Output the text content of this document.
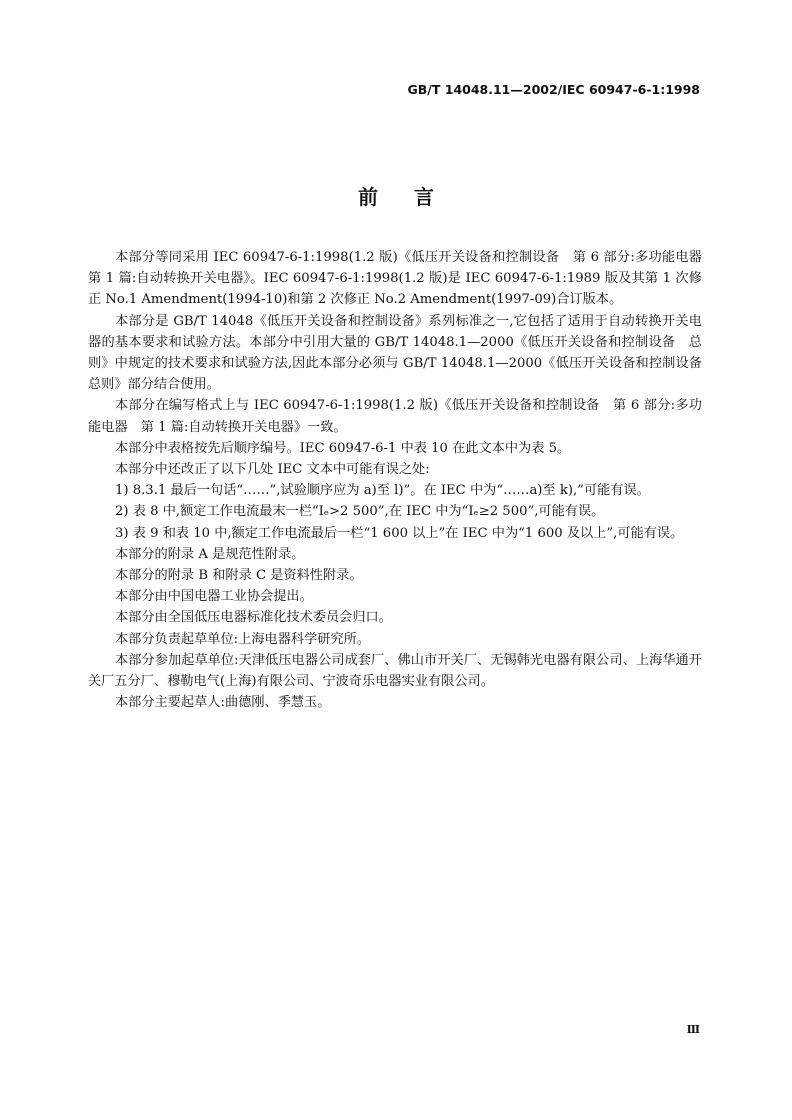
GB/T 14048.11—2002/IEC 60947-6-1:1998
前言

本部分等同采用 IEC 60947-6-1:1998(1.2 版)《低压开关设备和控制设备　第 6 部分:多功能电器　第 1 篇:自动转换开关电器》。IEC 60947-6-1:1998(1.2 版)是 IEC 60947-6-1:1989 版及其第 1 次修正 No.1 Amendment(1994-10)和第 2 次修正 No.2 Amendment(1997-09)合订版本。

本部分是 GB/T 14048《低压开关设备和控制设备》系列标准之一,它包括了适用于自动转换开关电器的基本要求和试验方法。本部分中引用大量的 GB/T 14048.1—2000《低压开关设备和控制设备　总则》中规定的技术要求和试验方法,因此本部分必须与 GB/T 14048.1—2000《低压开关设备和控制设备　总则》部分结合使用。

本部分在编写格式上与 IEC 60947-6-1:1998(1.2 版)《低压开关设备和控制设备　第 6 部分:多功能电器　第 1 篇:自动转换开关电器》一致。

本部分中表格按先后顺序编号。IEC 60947-6-1 中表 10 在此文本中为表 5。

本部分中还改正了以下几处 IEC 文本中可能有误之处:

1) 8.3.1 最后一句话“……”,试验顺序应为 a)至 l)”。在 IEC 中为“……a)至 k),”可能有误。

2) 表 8 中,额定工作电流最末一栏“Iₑ>2 500”,在 IEC 中为“Iₑ≥2 500”,可能有误。

3) 表 9 和表 10 中,额定工作电流最后一栏“1 600 以上”在 IEC 中为“1 600 及以上”,可能有误。

本部分的附录 A 是规范性附录。

本部分的附录 B 和附录 C 是资料性附录。

本部分由中国电器工业协会提出。

本部分由全国低压电器标准化技术委员会归口。

本部分负责起草单位:上海电器科学研究所。

本部分参加起草单位:天津低压电器公司成套厂、佛山市开关厂、无锡韩光电器有限公司、上海华通开关厂五分厂、穆勒电气(上海)有限公司、宁波奇乐电器实业有限公司。

本部分主要起草人:曲德刚、季慧玉。

Ⅲ
